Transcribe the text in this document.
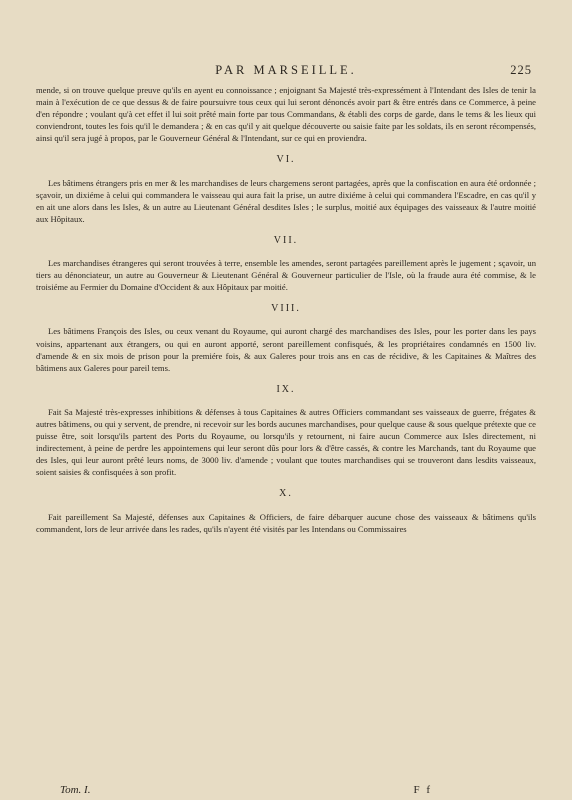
PAR MARSEILLE.	225

mende, si on trouve quelque preuve qu'ils en ayent eu connoissance ; enjoignant Sa Majesté très-expressément à l'Intendant des Isles de tenir la main à l'exécution de ce que dessus & de faire poursuivre tous ceux qui lui seront dénoncés avoir part & être entrés dans ce Commerce, à peine d'en répondre ; voulant qu'à cet effet il lui soit prêté main forte par tous Commandans, & établi des corps de garde, dans le tems & les lieux qui conviendront, toutes les fois qu'il le demandera ; & en cas qu'il y ait quelque découverte ou saisie faite par les soldats, ils en seront récompensés, ainsi qu'il sera jugé à propos, par le Gouverneur Général & l'Intendant, sur ce qui en proviendra.

VI.

Les bâtimens étrangers pris en mer & les marchandises de leurs chargemens seront partagées, après que la confiscation en aura été ordonnée ; sçavoir, un dixiéme à celui qui commandera le vaisseau qui aura fait la prise, un autre dixiéme à celui qui commandera l'Escadre, en cas qu'il y en ait une alors dans les Isles, & un autre au Lieutenant Général desdites Isles ; le surplus, moitié aux équipages des vaisseaux & l'autre moitié aux Hôpitaux.

VII.

Les marchandises étrangeres qui seront trouvées à terre, ensemble les amendes, seront partagées pareillement après le jugement ; sçavoir, un tiers au dénonciateur, un autre au Gouverneur & Lieutenant Général & Gouverneur particulier de l'Isle, où la fraude aura été commise, & le troisiéme au Fermier du Domaine d'Occident & aux Hôpitaux par moitié.

VIII.

Les bâtimens François des Isles, ou ceux venant du Royaume, qui auront chargé des marchandises des Isles, pour les porter dans les pays voisins, appartenant aux étrangers, ou qui en auront apporté, seront pareillement confisqués, & les propriétaires condamnés en 1500 liv. d'amende & en six mois de prison pour la premiére fois, & aux Galeres pour trois ans en cas de récidive, & les Capitaines & Maîtres des bâtimens aux Galeres pour pareil tems.

IX.

Fait Sa Majesté très-expresses inhibitions & défenses à tous Capitaines & autres Officiers commandant ses vaisseaux de guerre, frégates & autres bâtimens, ou qui y servent, de prendre, ni recevoir sur les bords aucunes marchandises, pour quelque cause & sous quelque prétexte que ce puisse être, soit lorsqu'ils partent des Ports du Royaume, ou lorsqu'ils y retournent, ni faire aucun Commerce aux Isles directement, ni indirectement, à peine de perdre les appointemens qui leur seront dûs pour lors & d'être cassés, & contre les Marchands, tant du Royaume que des Isles, qui leur auront prêté leurs noms, de 3000 liv. d'amende ; voulant que toutes marchandises qui se trouveront dans lesdits vaisseaux, soient saisies & confisquées à son profit.

X.

Fait pareillement Sa Majesté, défenses aux Capitaines & Officiers, de faire débarquer aucune chose des vaisseaux & bâtimens qu'ils commandent, lors de leur arrivée dans les rades, qu'ils n'ayent été visités par les Intendans ou Commissaires

Tom. I.	F f
